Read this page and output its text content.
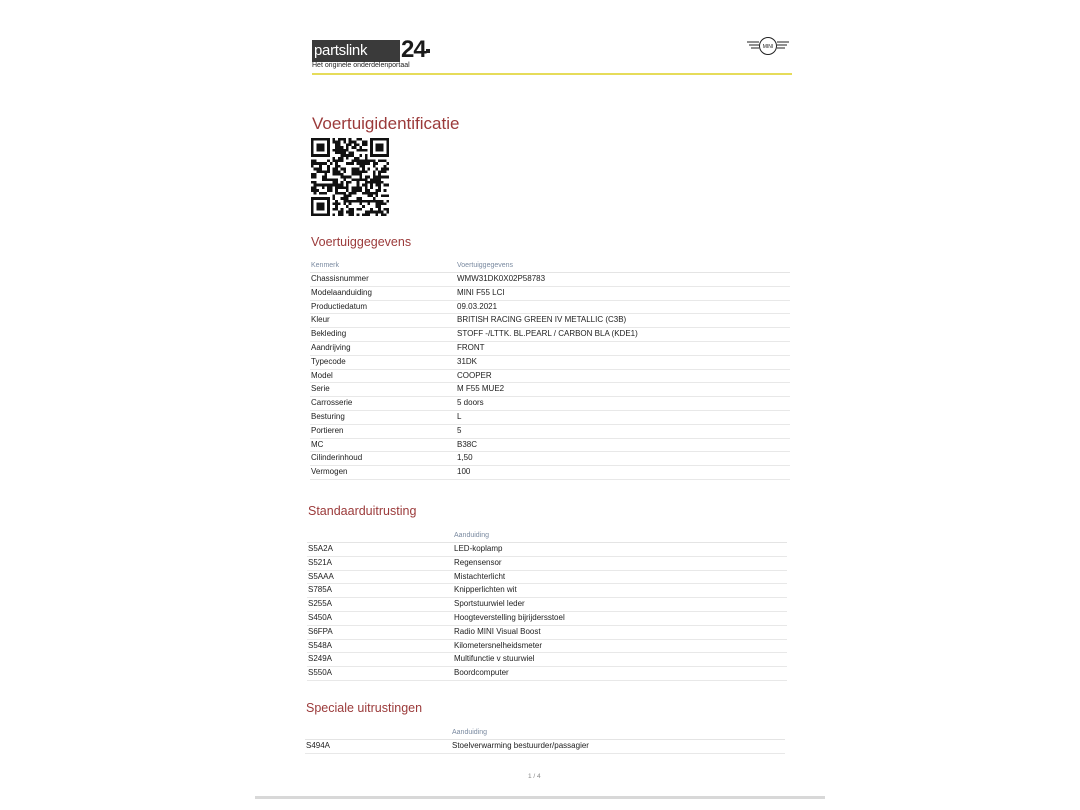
partslink	24
Het originele onderdelenportaal
MINI
Voertuigidentificatie
Voertuiggegevens
Kenmerk	Voertuiggegevens
Chassisnummer	WMW31DK0X02P58783
Modelaanduiding	MINI F55 LCI
Productiedatum	09.03.2021
Kleur	BRITISH RACING GREEN IV METALLIC (C3B)
Bekleding	STOFF -/LTTK. BL.PEARL / CARBON BLA (KDE1)
Aandrijving	FRONT
Typecode	31DK
Model	COOPER
Serie	M F55 MUE2
Carrosserie	5 doors
Besturing	L
Portieren	5
MC	B38C
Cilinderinhoud	1,50
Vermogen	100
Standaarduitrusting
Aanduiding
S5A2A	LED-koplamp
S521A	Regensensor
S5AAA	Mistachterlicht
S785A	Knipperlichten wit
S255A	Sportstuurwiel leder
S450A	Hoogteverstelling bijrijdersstoel
S6FPA	Radio MINI Visual Boost
S548A	Kilometersnelheidsmeter
S249A	Multifunctie v stuurwiel
S550A	Boordcomputer
Speciale uitrustingen
Aanduiding
S494A	Stoelverwarming bestuurder/passagier
1 / 4
